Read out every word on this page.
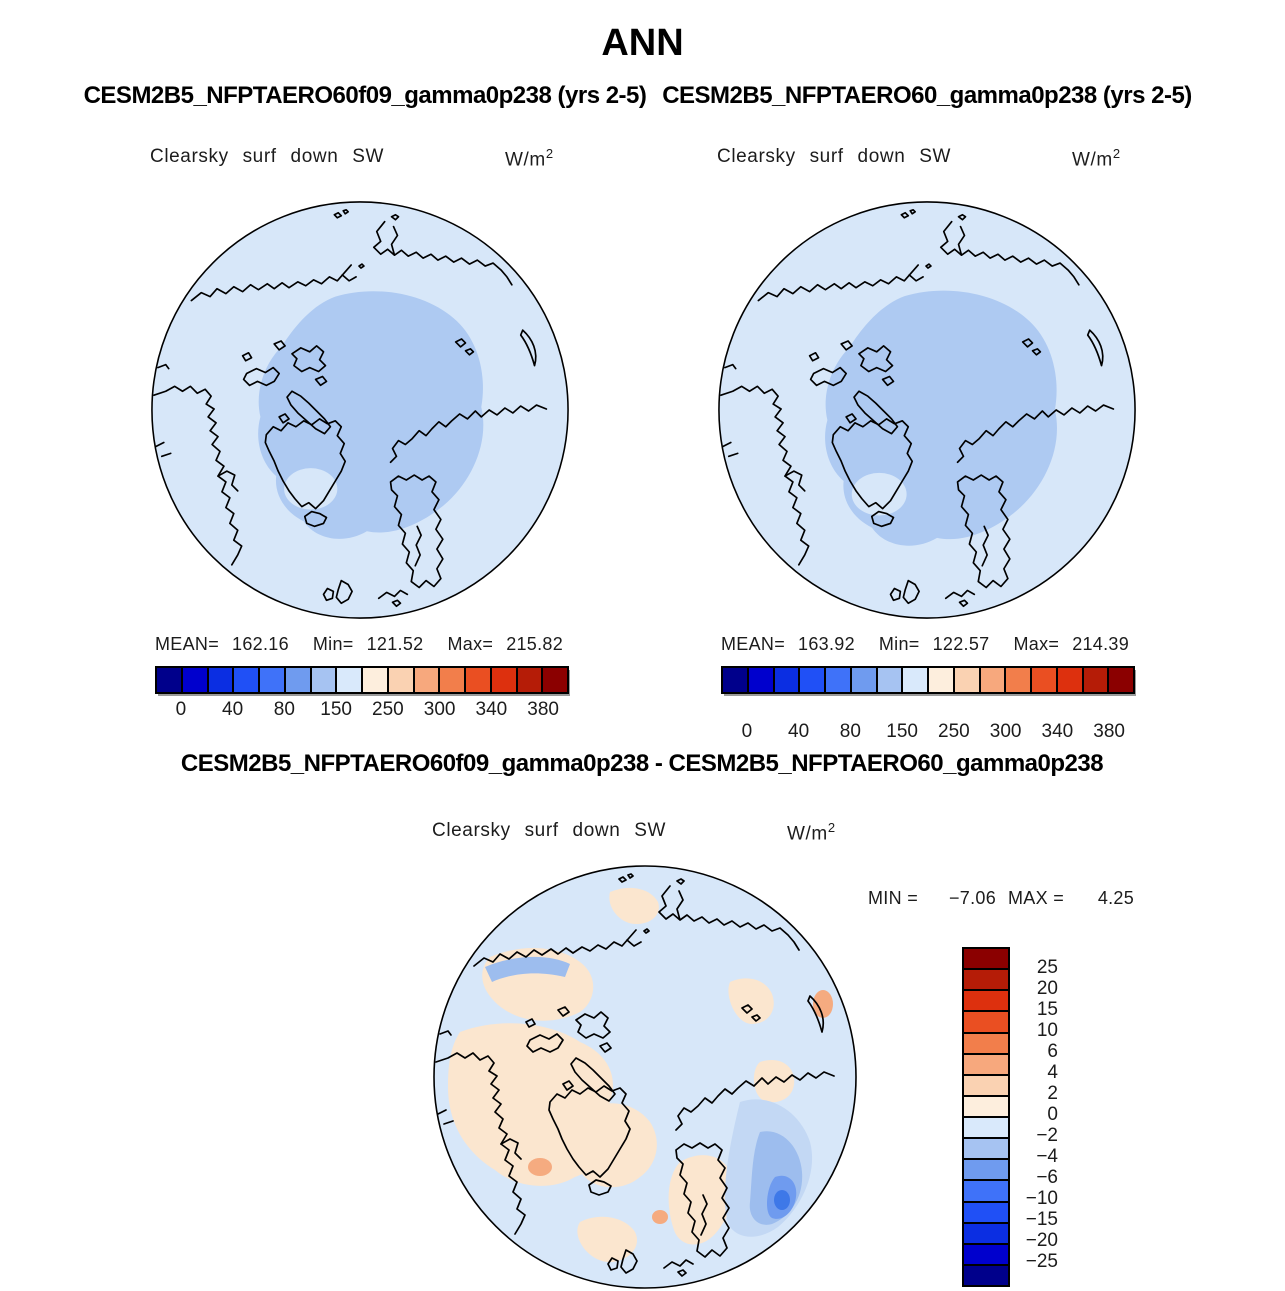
ANN
CESM2B5_NFPTAERO60f09_gamma0p238 (yrs 2-5) CESM2B5_NFPTAERO60_gamma0p238 (yrs 2-5)
Clearsky surf down SW	$W/m^2$	Clearsky surf down SW	$W/m^2$
MEAN= 162.16 Min= 121.52 Max= 215.82	MEAN= 163.92 Min= 122.57 Max= 214.39
0 40 80 150 250 300 340 380
0 40 80 150 250 300 340 380
CESM2B5_NFPTAERO60f09_gamma0p238 - CESM2B5_NFPTAERO60_gamma0p238
Clearsky surf down SW	$W/m^2$
MIN =	−7.06 MAX =	4.25
25
20
15
10
6
4
2
0
−2
−4
−6
−10
−15
−20
−25
